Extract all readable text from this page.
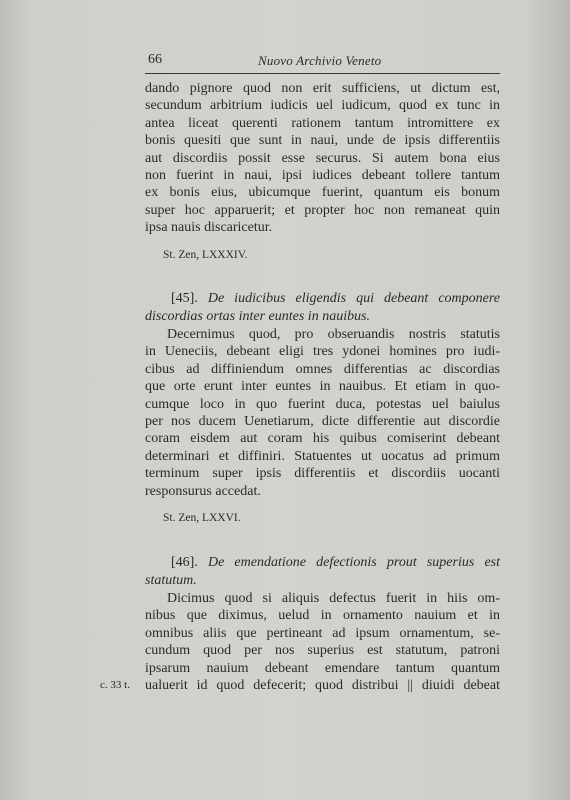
66	Nuovo Archivio Veneto
dando pignore quod non erit sufficiens, ut dictum est,
secundum arbitrium iudicis uel iudicum, quod ex tunc in
antea liceat querenti rationem tantum intromittere ex
bonis quesiti que sunt in naui, unde de ipsis differentiis
aut discordiis possit esse securus. Si autem bona eius
non fuerint in naui, ipsi iudices debeant tollere tantum
ex bonis eius, ubicumque fuerint, quantum eis bonum
super hoc apparuerit; et propter hoc non remaneat quin
ipsa nauis discaricetur.
St. Zen, LXXXIV.
[45]. De iudicibus eligendis qui debeant componere
discordias ortas inter euntes in nauibus.
Decernimus quod, pro obseruandis nostris statutis
in Ueneciis, debeant eligi tres ydonei homines pro iudi-
cibus ad diffiniendum omnes differentias ac discordias
que orte erunt inter euntes in nauibus. Et etiam in quo-
cumque loco in quo fuerint duca, potestas uel baiulus
per nos ducem Uenetiarum, dicte differentie aut discordie
coram eisdem aut coram his quibus comiserint debeant
determinari et diffiniri. Statuentes ut uocatus ad primum
terminum super ipsis differentiis et discordiis uocanti
responsurus accedat.
St. Zen, LXXVI.
[46]. De emendatione defectionis prout superius est
statutum.
Dicimus quod si aliquis defectus fuerit in hiis om-
nibus que diximus, uelud in ornamento nauium et in
omnibus aliis que pertineant ad ipsum ornamentum, se-
cundum quod per nos superius est statutum, patroni
ipsarum nauium debeant emendare tantum quantum
c. 33 t. ualuerit id quod defecerit; quod distribui || diuidi debeat
